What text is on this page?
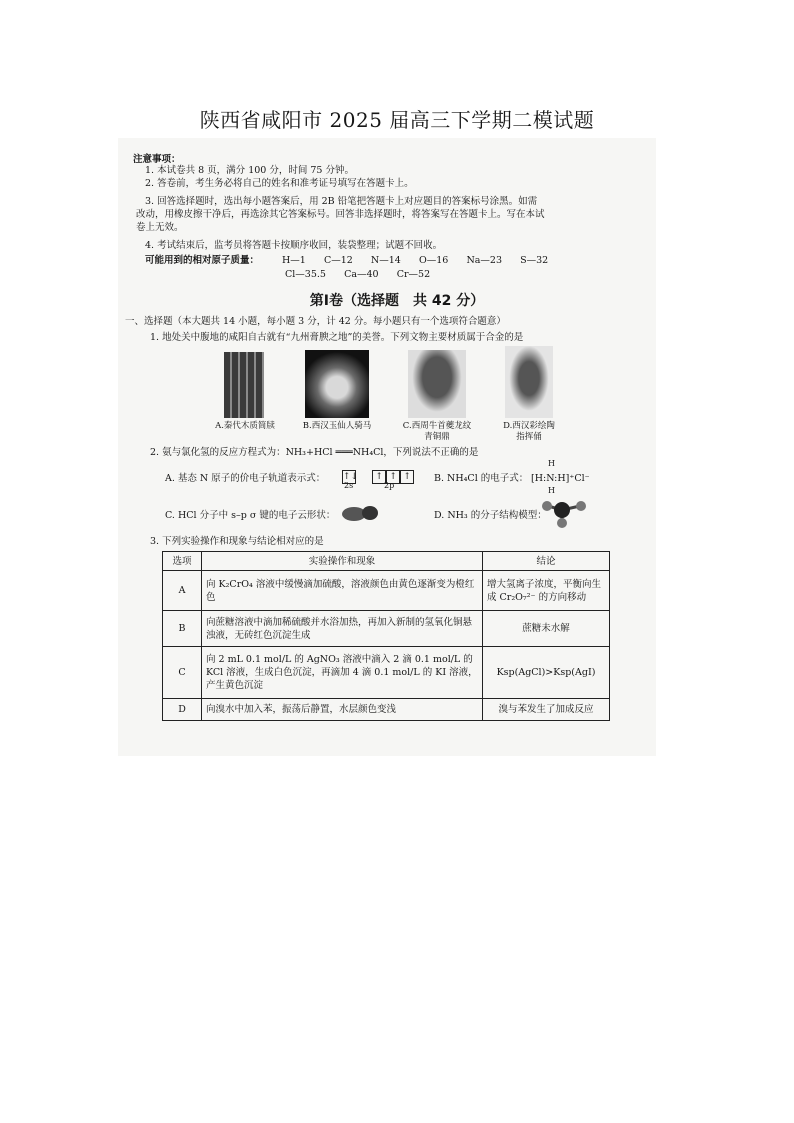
陕西省咸阳市 2025 届高三下学期二模试题
注意事项：
1. 本试卷共 8 页，满分 100 分，时间 75 分钟。
2. 答卷前，考生务必将自己的姓名和准考证号填写在答题卡上。
3. 回答选择题时，选出每小题答案后，用 2B 铅笔把答题卡上对应题目的答案标号涂黑。如需
改动，用橡皮擦干净后，再选涂其它答案标号。回答非选择题时，将答案写在答题卡上。写在本试
卷上无效。
4. 考试结束后，监考员将答题卡按顺序收回，装袋整理；试题不回收。
可能用到的相对原子质量： H—1      C—12      N—14      O—16      Na—23      S—32
Cl—35.5      Ca—40      Cr—52
第Ⅰ卷（选择题　共 42 分）
一、选择题（本大题共 14 小题，每小题 3 分，计 42 分。每小题只有一个选项符合题意）
1. 地处关中腹地的咸阳自古就有“九州膏腴之地”的美誉。下列文物主要材质属于合金的是
A.秦代木质简牍	B.西汉玉仙人骑马	C.西周牛首夔龙纹
青铜鼎
D.西汉彩绘陶
指挥俑
2. 氨与氯化氢的反应方程式为：NH₃+HCl ═══NH₄Cl，下列说法不正确的是
A. 基态 N 原子的价电子轨道表示式： ↑↓ ↑ ↑ ↑
2s	2p
B. NH₄Cl 的电子式：
H
[H:N:H]⁺Cl⁻
H
C. HCl 分子中 s–p σ 键的电子云形状：	D. NH₃ 的分子结构模型：
3. 下列实验操作和现象与结论相对应的是
选项	实验操作和现象	结论
A	向 K₂CrO₄ 溶液中缓慢滴加硫酸，溶液颜色由黄色逐渐变为橙红色	增大氢离子浓度，平衡向生成 Cr₂O₇²⁻ 的方向移动
B	向蔗糖溶液中滴加稀硫酸并水浴加热，再加入新制的氢氧化铜悬浊液，无砖红色沉淀生成	蔗糖未水解
C	向 2 mL 0.1 mol/L 的 AgNO₃ 溶液中滴入 2 滴 0.1 mol/L 的 KCl 溶液，生成白色沉淀，再滴加 4 滴 0.1 mol/L 的 KI 溶液，产生黄色沉淀	Ksp(AgCl)>Ksp(AgI)
D	向溴水中加入苯，振荡后静置，水层颜色变浅	溴与苯发生了加成反应
